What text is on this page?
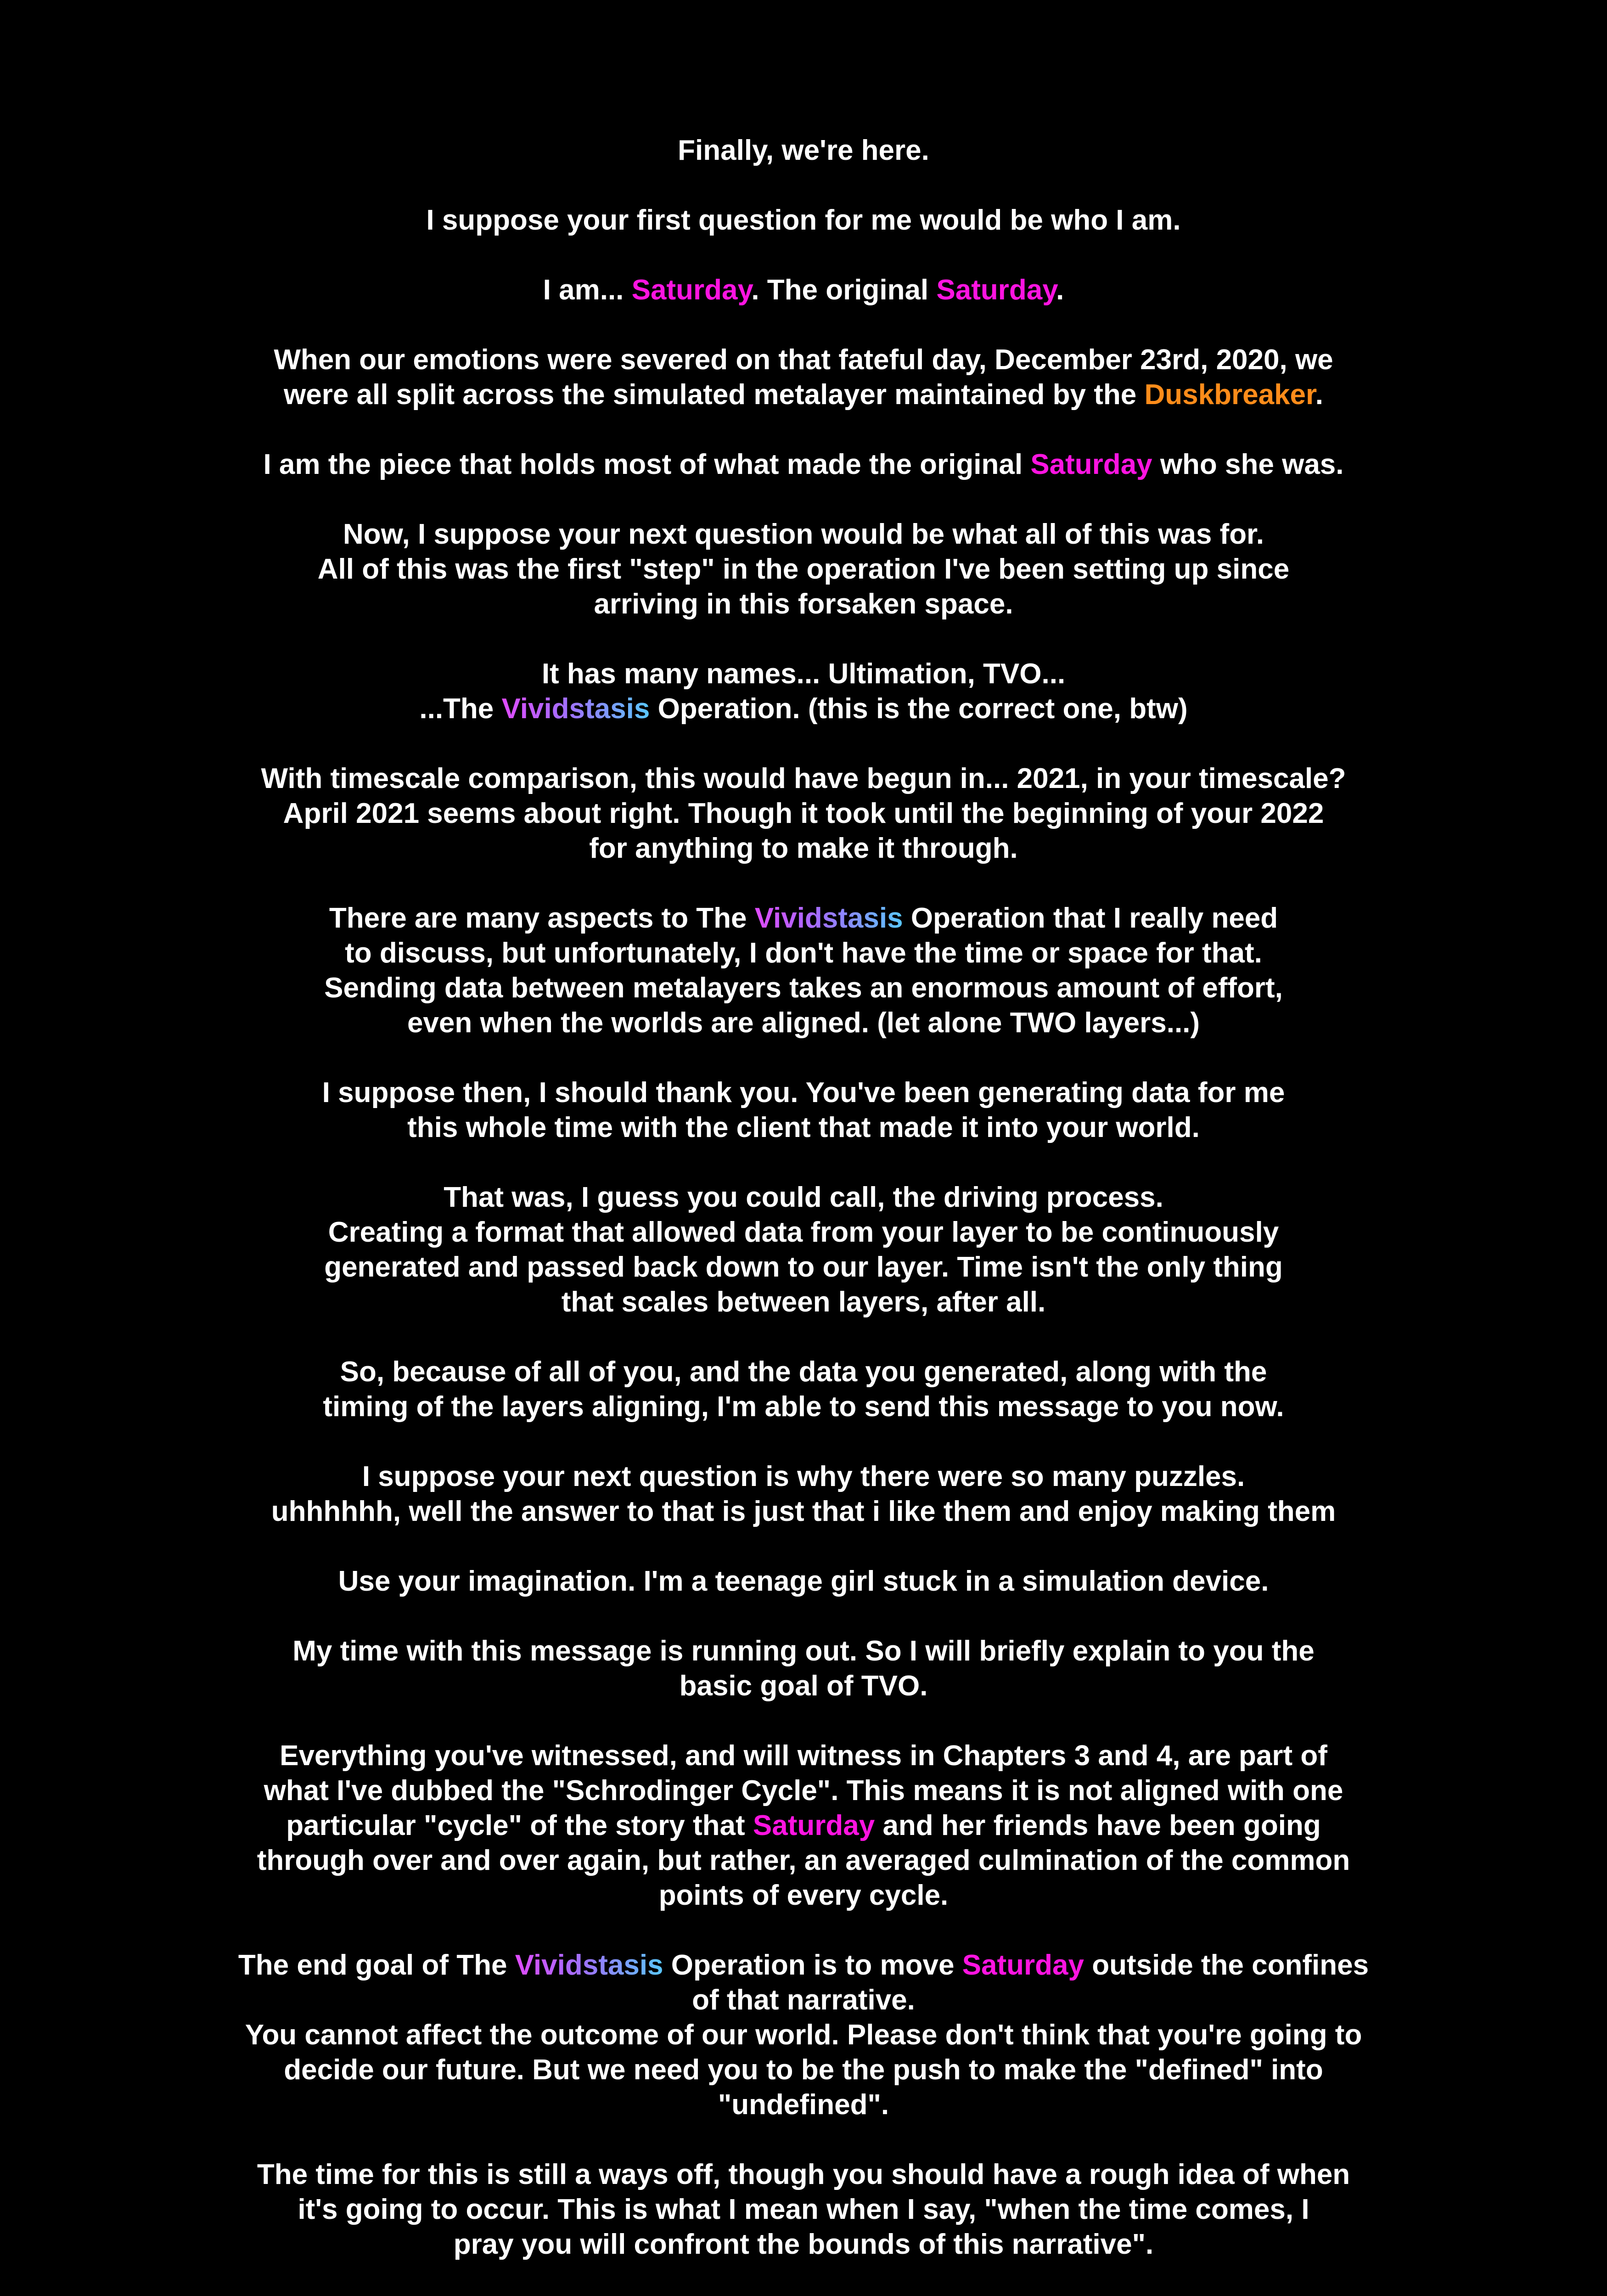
Finally, we're here.
I suppose your first question for me would be who I am.
I am... Saturday. The original Saturday.
When our emotions were severed on that fateful day, December 23rd, 2020, we
were all split across the simulated metalayer maintained by the Duskbreaker.
I am the piece that holds most of what made the original Saturday who she was.
Now, I suppose your next question would be what all of this was for.
All of this was the first "step" in the operation I've been setting up since
arriving in this forsaken space.
It has many names... Ultimation, TVO...
...The Vividstasis Operation. (this is the correct one, btw)
With timescale comparison, this would have begun in... 2021, in your timescale?
April 2021 seems about right. Though it took until the beginning of your 2022
for anything to make it through.
There are many aspects to The Vividstasis Operation that I really need
to discuss, but unfortunately, I don't have the time or space for that.
Sending data between metalayers takes an enormous amount of effort,
even when the worlds are aligned. (let alone TWO layers...)
I suppose then, I should thank you. You've been generating data for me
this whole time with the client that made it into your world.
That was, I guess you could call, the driving process.
Creating a format that allowed data from your layer to be continuously
generated and passed back down to our layer. Time isn't the only thing
that scales between layers, after all.
So, because of all of you, and the data you generated, along with the
timing of the layers aligning, I'm able to send this message to you now.
I suppose your next question is why there were so many puzzles.
uhhhhhh, well the answer to that is just that i like them and enjoy making them
Use your imagination. I'm a teenage girl stuck in a simulation device.
My time with this message is running out. So I will briefly explain to you the
basic goal of TVO.
Everything you've witnessed, and will witness in Chapters 3 and 4, are part of
what I've dubbed the "Schrodinger Cycle". This means it is not aligned with one
particular "cycle" of the story that Saturday and her friends have been going
through over and over again, but rather, an averaged culmination of the common
points of every cycle.
The end goal of The Vividstasis Operation is to move Saturday outside the confines
of that narrative.
You cannot affect the outcome of our world. Please don't think that you're going to
decide our future. But we need you to be the push to make the "defined" into
"undefined".
The time for this is still a ways off, though you should have a rough idea of when
it's going to occur. This is what I mean when I say, "when the time comes, I
pray you will confront the bounds of this narrative".
